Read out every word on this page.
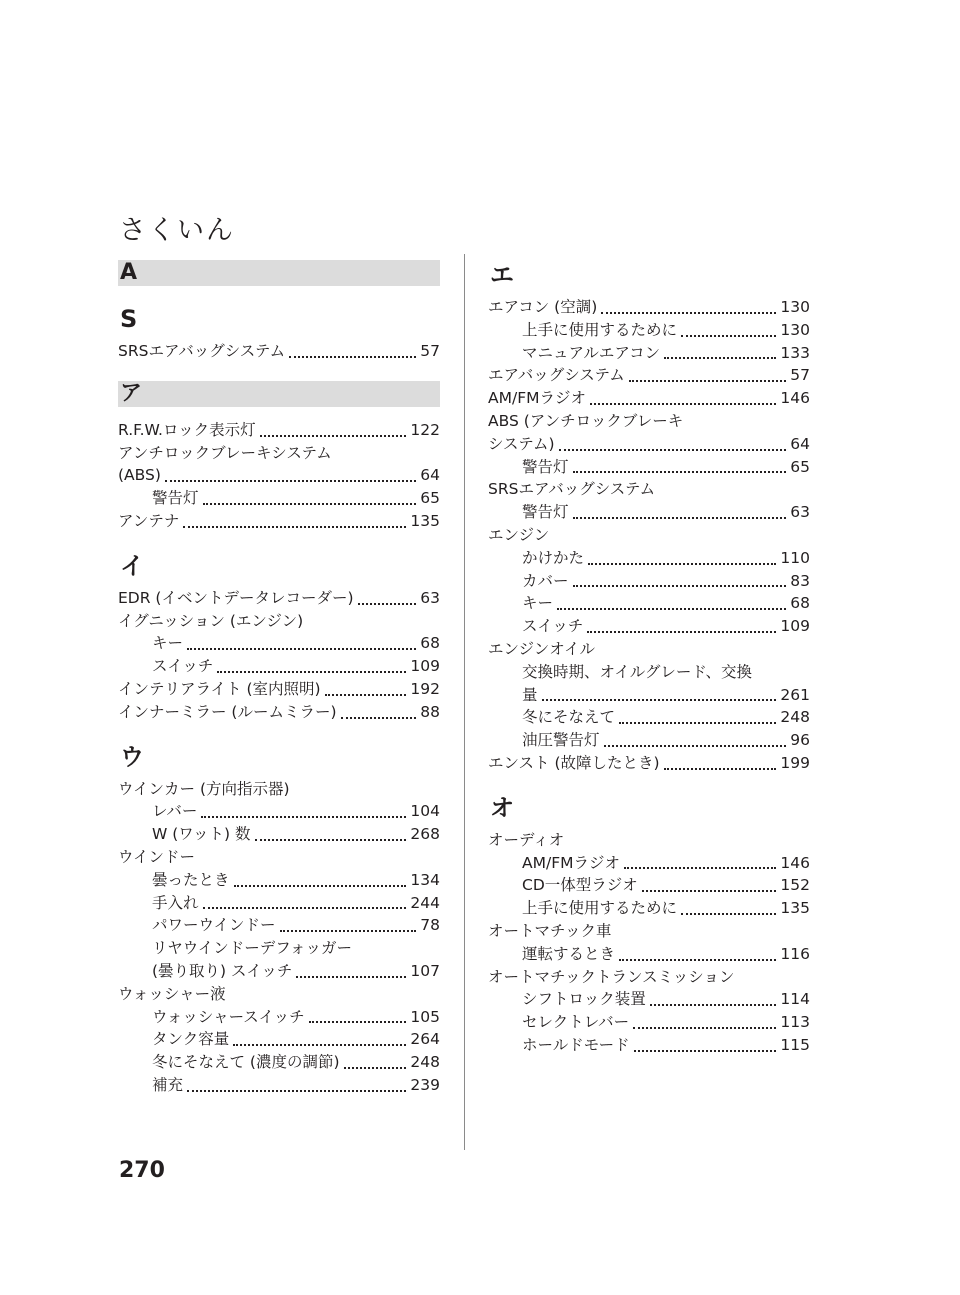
さくいん
A
S
SRSエアバッグシステム	57
ア
R.F.W.ロック表示灯	122
アンチロックブレーキシステム
(ABS)	64
警告灯	65
アンテナ	135
イ
EDR (イベントデータレコーダー)	63
イグニッション (エンジン)
キー	68
スイッチ	109
インテリアライト (室内照明)	192
インナーミラー (ルームミラー)	88
ウ
ウインカー (方向指示器)
レバー	104
W (ワット) 数	268
ウインドー
曇ったとき	134
手入れ	244
パワーウインドー	78
リヤウインドーデフォッガー
(曇り取り) スイッチ	107
ウォッシャー液
ウォッシャースイッチ	105
タンク容量	264
冬にそなえて (濃度の調節)	248
補充	239
エ
エアコン (空調)	130
上手に使用するために	130
マニュアルエアコン	133
エアバッグシステム	57
AM/FMラジオ	146
ABS (アンチロックブレーキ
システム)	64
警告灯	65
SRSエアバッグシステム
警告灯	63
エンジン
かけかた	110
カバー	83
キー	68
スイッチ	109
エンジンオイル
交換時期、オイルグレード、交換
量	261
冬にそなえて	248
油圧警告灯	96
エンスト (故障したとき)	199
オ
オーディオ
AM/FMラジオ	146
CD一体型ラジオ	152
上手に使用するために	135
オートマチック車
運転するとき	116
オートマチックトランスミッション
シフトロック装置	114
セレクトレバー	113
ホールドモード	115
270
